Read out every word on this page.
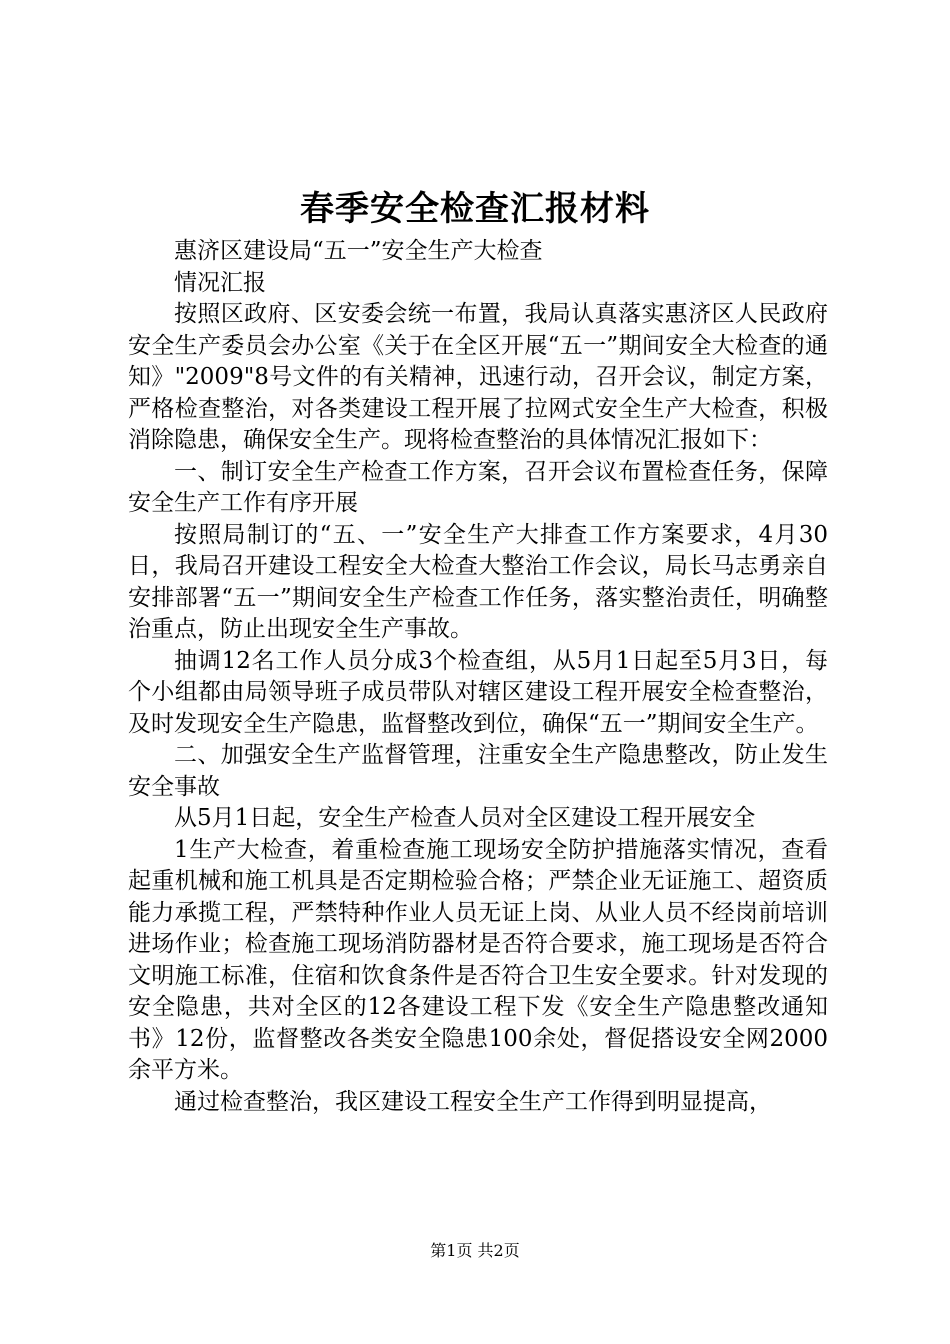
春季安全检查汇报材料

惠济区建设局“五一”安全生产大检查

情况汇报

按照区政府、区安委会统一布置，我局认真落实惠济区人民政府安全生产委员会办公室《关于在全区开展“五一”期间安全大检查的通知》"2009"8号文件的有关精神，迅速行动，召开会议，制定方案，严格检查整治，对各类建设工程开展了拉网式安全生产大检查，积极消除隐患，确保安全生产。现将检查整治的具体情况汇报如下：

一、制订安全生产检查工作方案，召开会议布置检查任务，保障安全生产工作有序开展

按照局制订的“五、一”安全生产大排查工作方案要求，4月30日，我局召开建设工程安全大检查大整治工作会议，局长马志勇亲自安排部署“五一”期间安全生产检查工作任务，落实整治责任，明确整治重点，防止出现安全生产事故。

抽调12名工作人员分成3个检查组，从5月1日起至5月3日，每个小组都由局领导班子成员带队对辖区建设工程开展安全检查整治，及时发现安全生产隐患，监督整改到位，确保“五一”期间安全生产。

二、加强安全生产监督管理，注重安全生产隐患整改，防止发生安全事故

从5月1日起，安全生产检查人员对全区建设工程开展安全

1生产大检查，着重检查施工现场安全防护措施落实情况，查看起重机械和施工机具是否定期检验合格；严禁企业无证施工、超资质能力承揽工程，严禁特种作业人员无证上岗、从业人员不经岗前培训进场作业；检查施工现场消防器材是否符合要求，施工现场是否符合文明施工标准，住宿和饮食条件是否符合卫生安全要求。针对发现的安全隐患，共对全区的12各建设工程下发《安全生产隐患整改通知书》12份，监督整改各类安全隐患100余处，督促搭设安全网2000余平方米。

通过检查整治，我区建设工程安全生产工作得到明显提高，

第1页 共2页
